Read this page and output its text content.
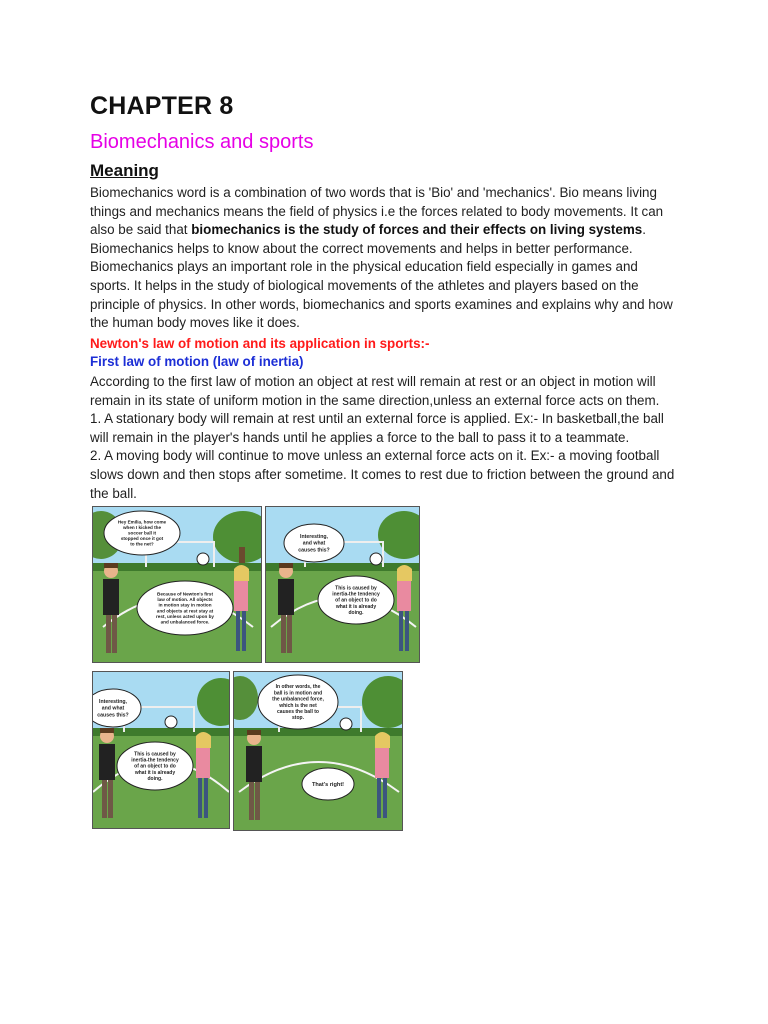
CHAPTER 8
Biomechanics and sports
Meaning
Biomechanics word is a combination of two words that is 'Bio' and 'mechanics'. Bio means living things and mechanics means the field of physics i.e the forces related to body movements. It can also be said that biomechanics is the study of forces and their effects on living systems. Biomechanics helps to know about the correct movements and helps in better performance. Biomechanics plays an important role in the physical education field especially in games and sports. It helps in the study of biological movements of the athletes and players based on the principle of physics. In other words, biomechanics and sports examines and explains why and how the human body moves like it does.
Newton's law of motion and its application in sports:-
First law of motion (law of inertia)
According to the first law of motion an object at rest will remain at rest or an object in motion will remain in its state of uniform motion in the same direction,unless an external force acts on them.
1. A stationary body will remain at rest until an external force is applied. Ex:- In basketball,the ball will remain in the player's hands until he applies a force to the ball to pass it to a teammate.
2. A moving body will continue to move unless an external force acts on it. Ex:- a moving football slows down and then stops after sometime. It comes to rest due to friction between the ground and the ball.
Hey Emilia, how come
when I kicked the
soccer ball it
stopped once it got
to the net?
Because of Newton's first
law of motion. All objects
in motion stay in motion
and objects at rest stay at
rest, unless acted upon by
and unbalanced force.
Interesting,
and what
causes this?
This is caused by
inertia-the tendency
of an object to do
what it is already
doing.
Interesting,
and what
causes this?
This is caused by
inertia-the tendency
of an object to do
what it is already
doing.
In other words, the
ball is in motion and
the unbalanced force,
which is the net
causes the ball to
stop.
That's right!
